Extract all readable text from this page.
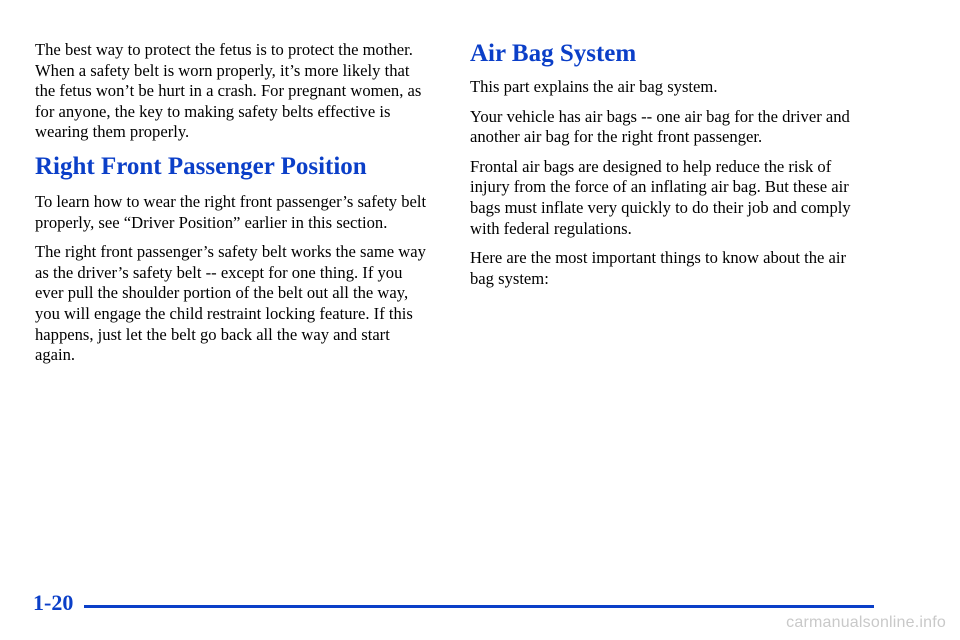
The best way to protect the fetus is to protect the mother. When a safety belt is worn properly, it’s more likely that the fetus won’t be hurt in a crash. For pregnant women, as for anyone, the key to making safety belts effective is wearing them properly.

Right Front Passenger Position

To learn how to wear the right front passenger’s safety belt properly, see “Driver Position” earlier in this section.

The right front passenger’s safety belt works the same way as the driver’s safety belt -- except for one thing. If you ever pull the shoulder portion of the belt out all the way, you will engage the child restraint locking feature. If this happens, just let the belt go back all the way and start again.

Air Bag System

This part explains the air bag system.

Your vehicle has air bags -- one air bag for the driver and another air bag for the right front passenger.

Frontal air bags are designed to help reduce the risk of injury from the force of an inflating air bag. But these air bags must inflate very quickly to do their job and comply with federal regulations.

Here are the most important things to know about the air bag system:

1-20
carmanualsonline.info
